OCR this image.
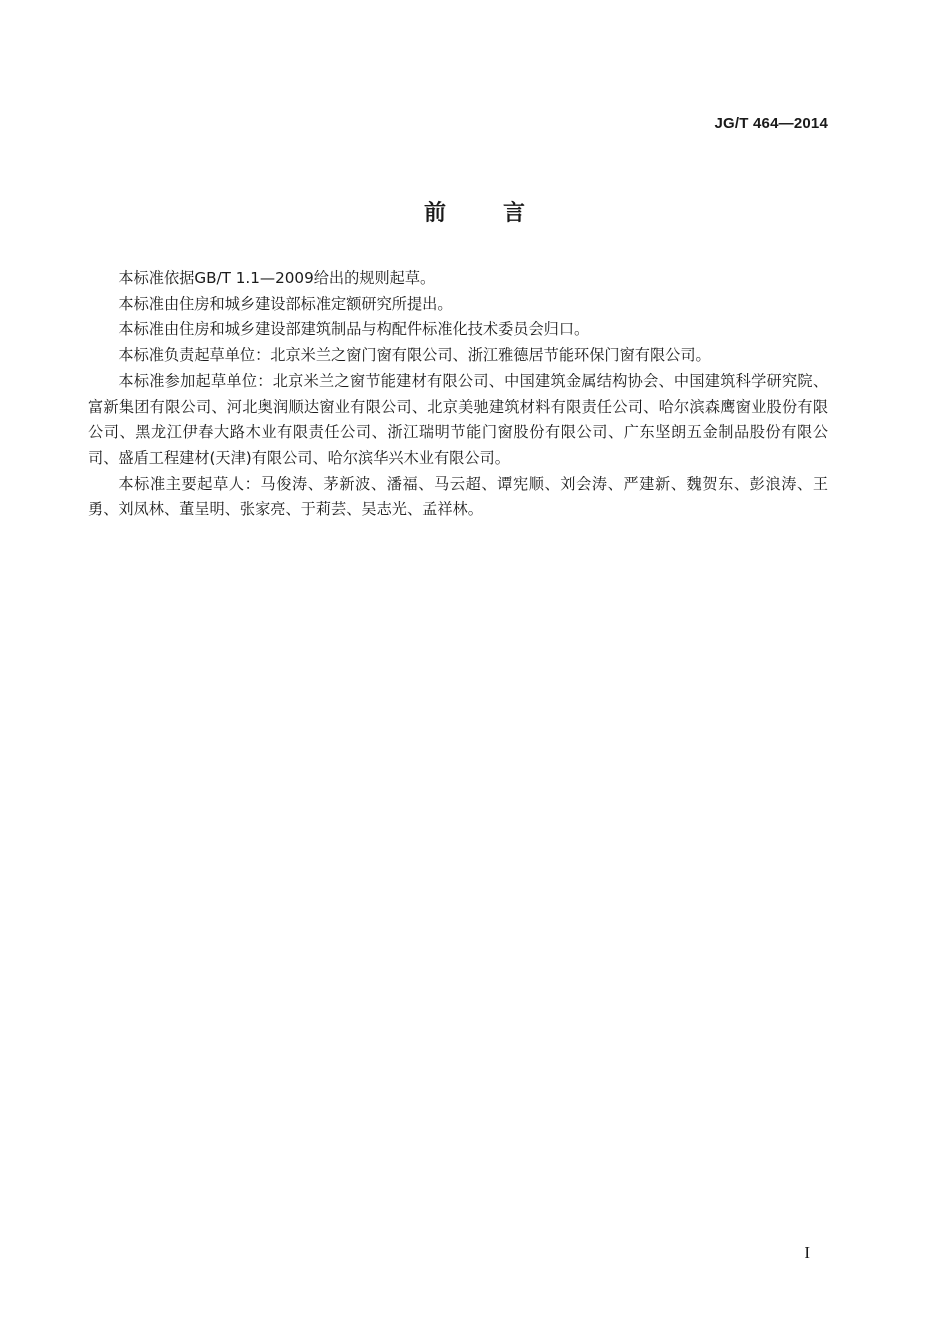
JG/T 464—2014
前	言

本标准依据GB/T 1.1—2009给出的规则起草。

本标准由住房和城乡建设部标准定额研究所提出。

本标准由住房和城乡建设部建筑制品与构配件标准化技术委员会归口。

本标准负责起草单位：北京米兰之窗门窗有限公司、浙江雅德居节能环保门窗有限公司。

本标准参加起草单位：北京米兰之窗节能建材有限公司、中国建筑金属结构协会、中国建筑科学研究院、富新集团有限公司、河北奥润顺达窗业有限公司、北京美驰建筑材料有限责任公司、哈尔滨森鹰窗业股份有限公司、黑龙江伊春大路木业有限责任公司、浙江瑞明节能门窗股份有限公司、广东坚朗五金制品股份有限公司、盛盾工程建材(天津)有限公司、哈尔滨华兴木业有限公司。

本标准主要起草人：马俊涛、茅新波、潘福、马云超、谭宪顺、刘会涛、严建新、魏贺东、彭浪涛、王勇、刘凤林、董呈明、张家亮、于莉芸、吴志光、孟祥林。

I
